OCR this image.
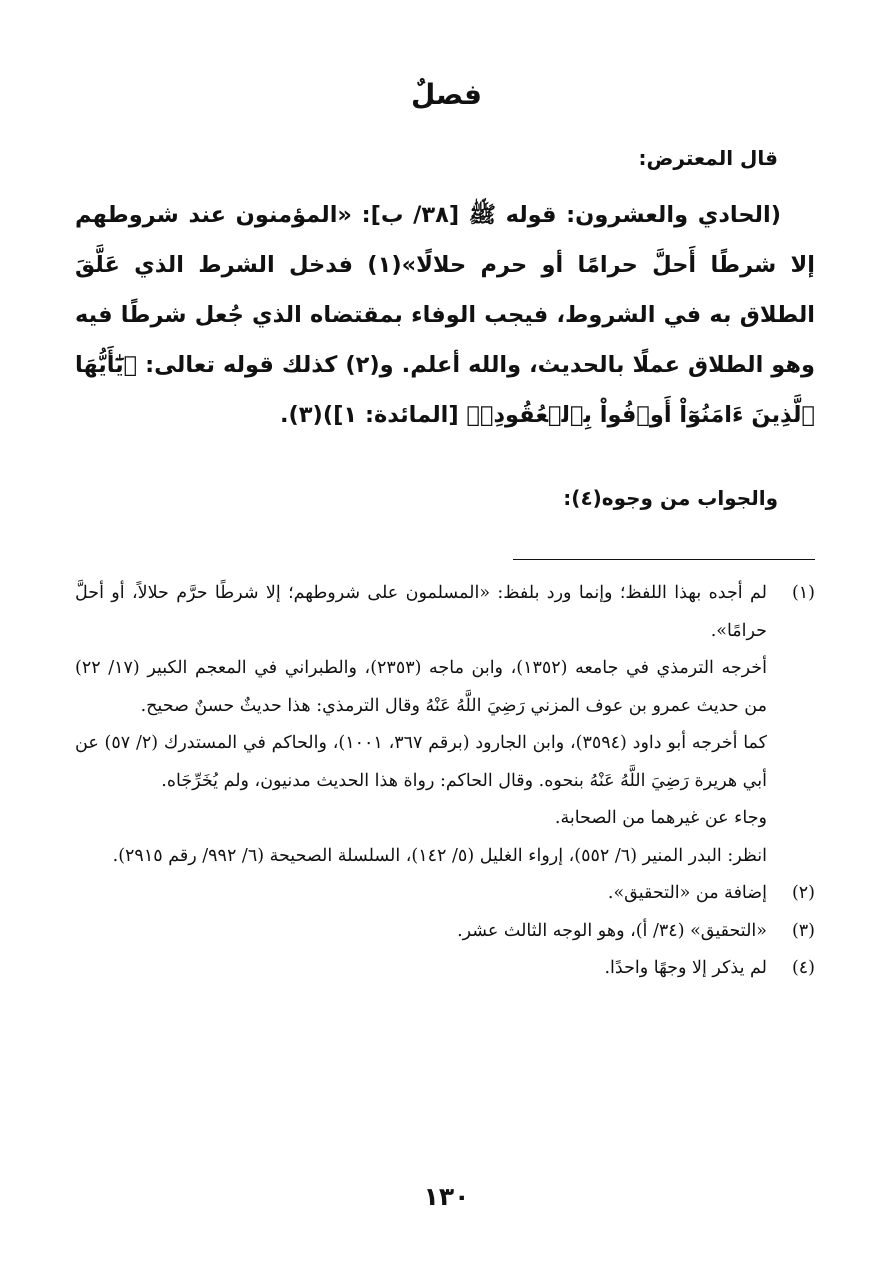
فصلٌ
قال المعترض:

(الحادي والعشرون: قوله ﷺ [٣٨/ ب]: «المؤمنون عند شروطهم إلا شرطًا أَحلَّ حرامًا أو حرم حلالًا»(١) فدخل الشرط الذي عَلَّقَ الطلاق به في الشروط، فيجب الوفاء بمقتضاه الذي جُعل شرطًا فيه وهو الطلاق عملًا بالحديث، والله أعلم. و(٢) كذلك قوله تعالى: ﴿يَٰٓأَيُّهَا ٱلَّذِينَ ءَامَنُوٓاْ أَوۡفُواْ بِٱلۡعُقُودِۚ﴾ [المائدة: ١])(٣).

والجواب من وجوه(٤):
(١)
لم أجده بهذا اللفظ؛ وإنما ورد بلفظ: «المسلمون على شروطهم؛ إلا شرطًا حرَّم حلالاً، أو أحلَّ حرامًا».
أخرجه الترمذي في جامعه (١٣٥٢)، وابن ماجه (٢٣٥٣)، والطبراني في المعجم الكبير (١٧/ ٢٢) من حديث عمرو بن عوف المزني رَضِيَ اللَّهُ عَنْهُ وقال الترمذي: هذا حديثٌ حسنٌ صحيح.
كما أخرجه أبو داود (٣٥٩٤)، وابن الجارود (برقم ٣٦٧، ١٠٠١)، والحاكم في المستدرك (٢/ ٥٧) عن أبي هريرة رَضِيَ اللَّهُ عَنْهُ بنحوه. وقال الحاكم: رواة هذا الحديث مدنيون، ولم يُخَرِّجَاه.
وجاء عن غيرهما من الصحابة.
انظر: البدر المنير (٦/ ٥٥٢)، إرواء الغليل (٥/ ١٤٢)، السلسلة الصحيحة (٦/ ٩٩٢/ رقم ٢٩١٥).
(٢)
إضافة من «التحقيق».
(٣)
«التحقيق» (٣٤/ أ)، وهو الوجه الثالث عشر.
(٤)
لم يذكر إلا وجهًا واحدًا.
١٣٠
